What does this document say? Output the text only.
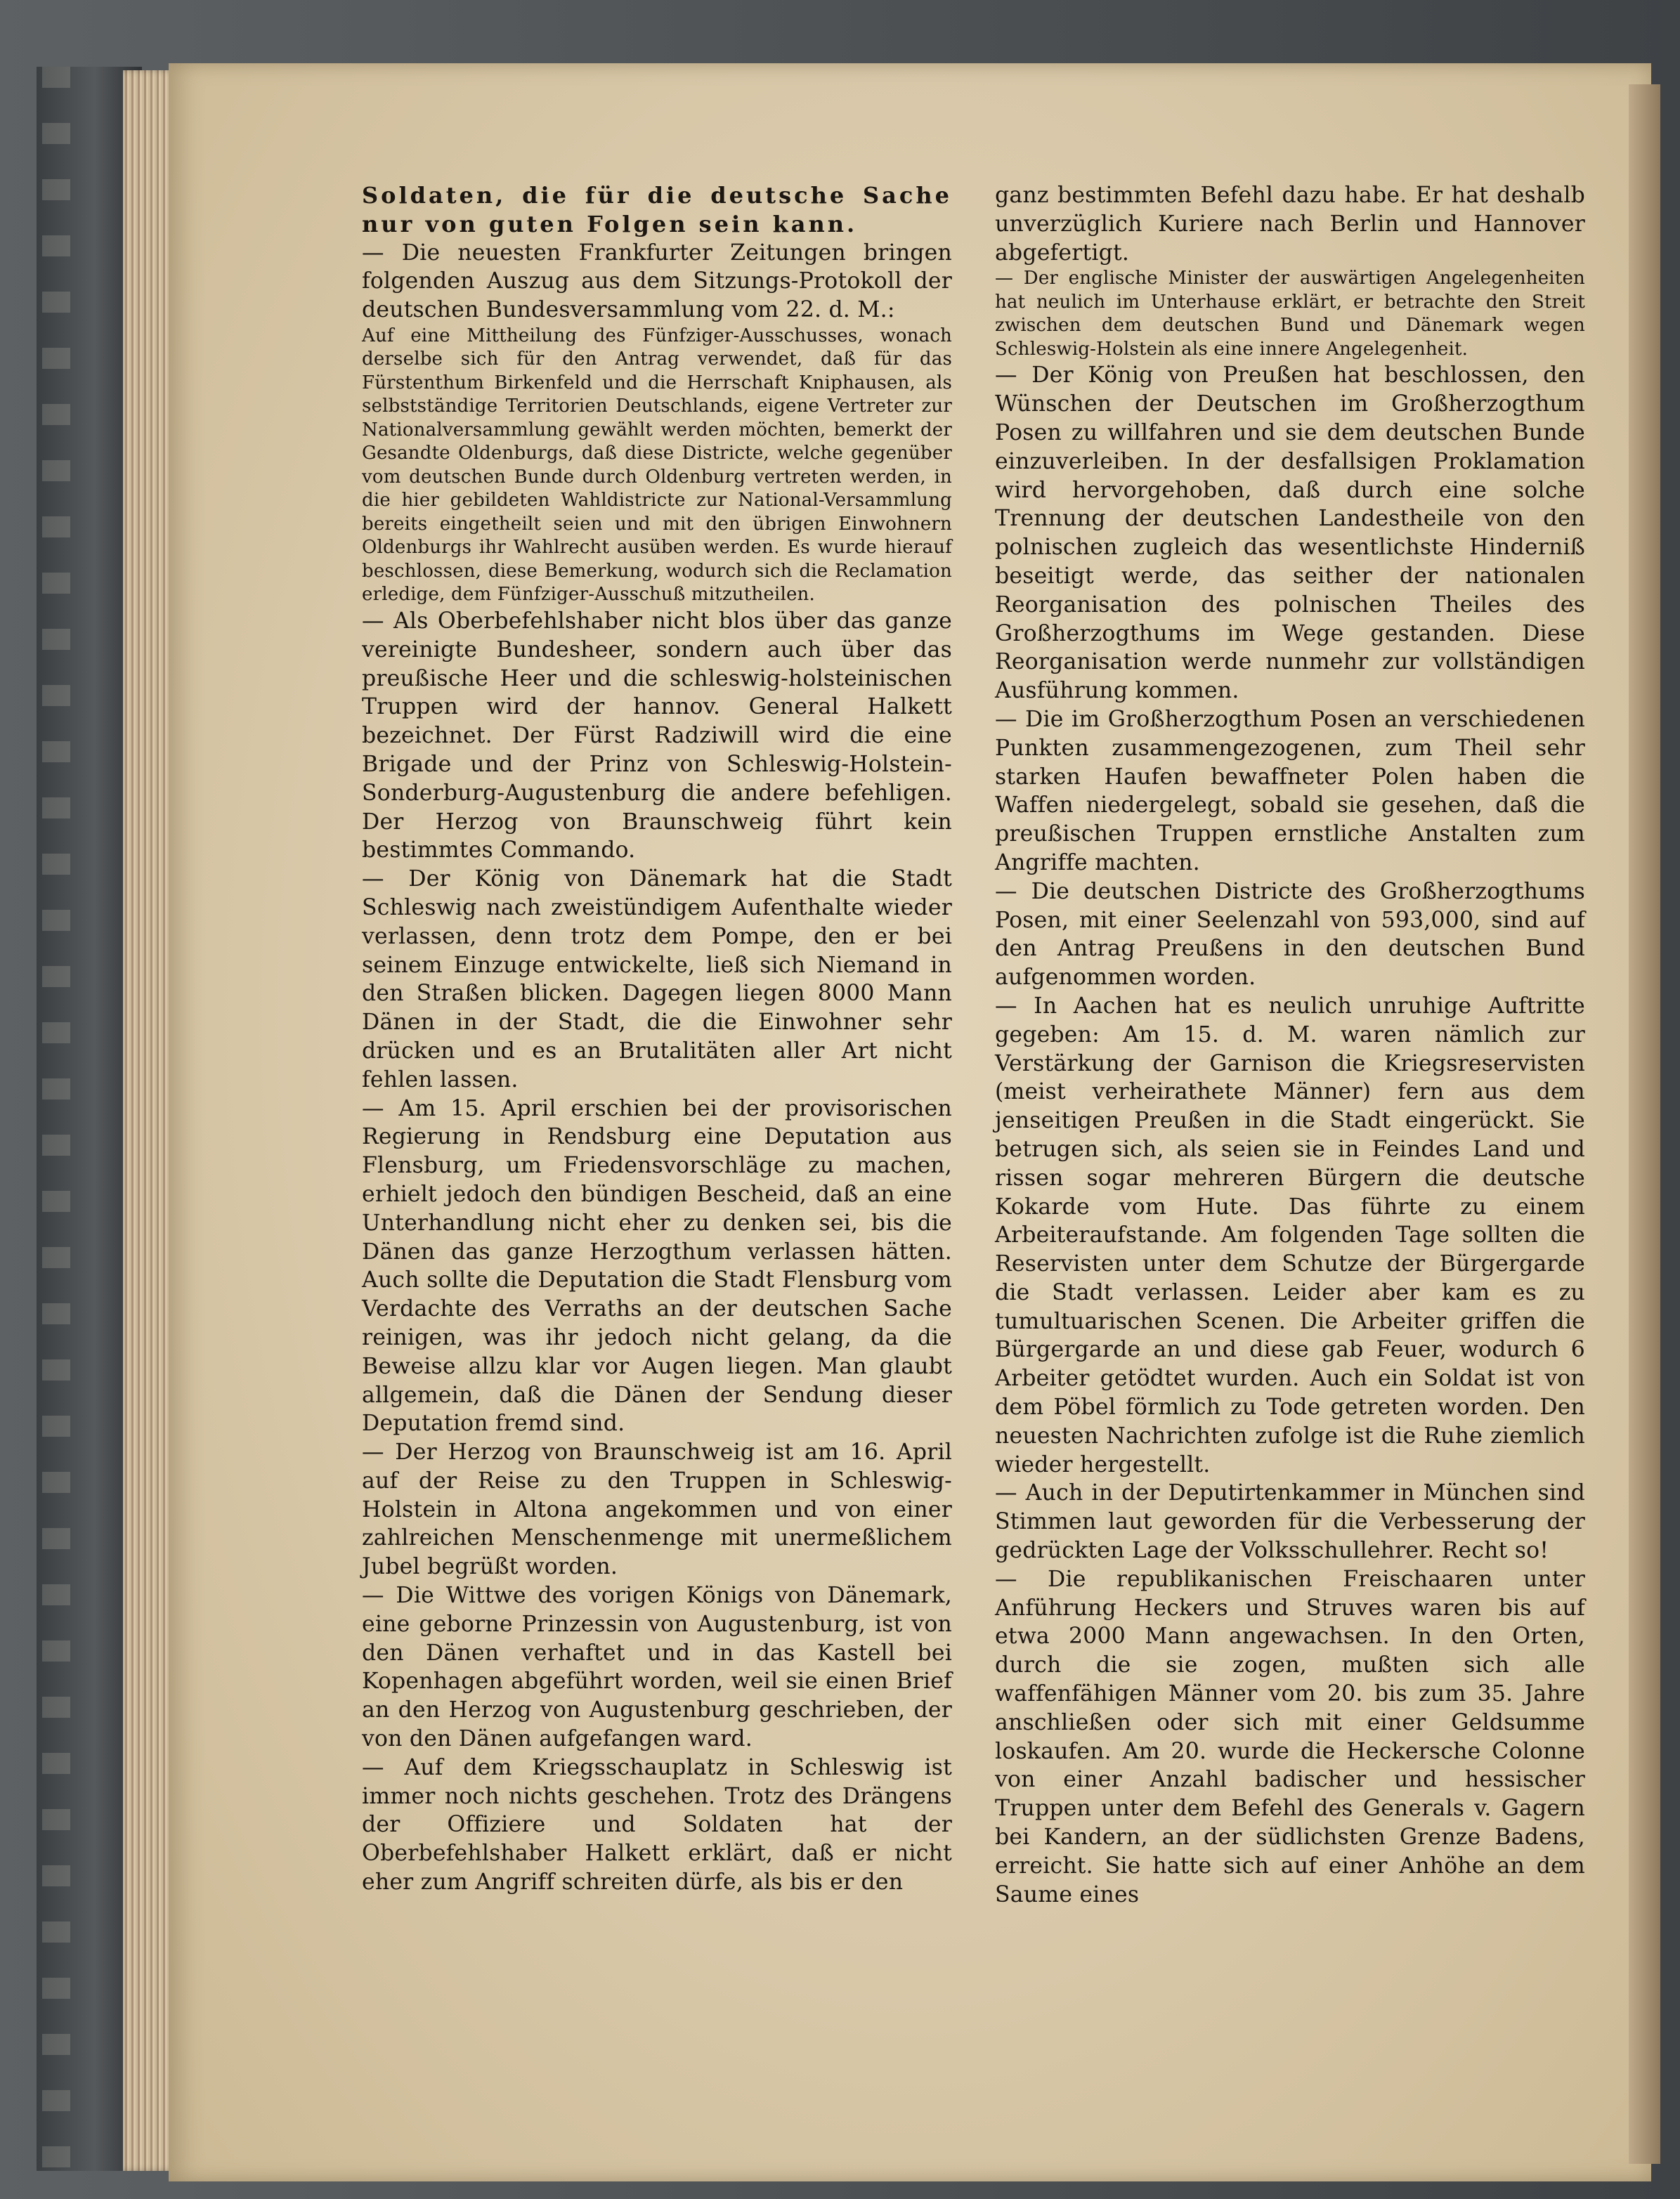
Soldaten, die für die deutsche Sache nur von guten Folgen sein kann.

— Die neuesten Frankfurter Zeitungen bringen folgenden Auszug aus dem Sitzungs-Protokoll der deutschen Bundesversammlung vom 22. d. M.:

Auf eine Mittheilung des Fünfziger-Ausschusses, wonach derselbe sich für den Antrag verwendet, daß für das Fürstenthum Birkenfeld und die Herrschaft Kniphausen, als selbstständige Territorien Deutschlands, eigene Vertreter zur Nationalversammlung gewählt werden möchten, bemerkt der Gesandte Oldenburgs, daß diese Districte, welche gegenüber vom deutschen Bunde durch Oldenburg vertreten werden, in die hier gebildeten Wahldistricte zur National-Versammlung bereits eingetheilt seien und mit den übrigen Einwohnern Oldenburgs ihr Wahlrecht ausüben werden. Es wurde hierauf beschlossen, diese Bemerkung, wodurch sich die Reclamation erledige, dem Fünfziger-Ausschuß mitzutheilen.

— Als Oberbefehlshaber nicht blos über das ganze vereinigte Bundesheer, sondern auch über das preußische Heer und die schleswig-holsteinischen Truppen wird der hannov. General Halkett bezeichnet. Der Fürst Radziwill wird die eine Brigade und der Prinz von Schleswig-Holstein-Sonderburg-Augustenburg die andere befehligen. Der Herzog von Braunschweig führt kein bestimmtes Commando.

— Der König von Dänemark hat die Stadt Schleswig nach zweistündigem Aufenthalte wieder verlassen, denn trotz dem Pompe, den er bei seinem Einzuge entwickelte, ließ sich Niemand in den Straßen blicken. Dagegen liegen 8000 Mann Dänen in der Stadt, die die Einwohner sehr drücken und es an Brutalitäten aller Art nicht fehlen lassen.

— Am 15. April erschien bei der provisorischen Regierung in Rendsburg eine Deputation aus Flensburg, um Friedensvorschläge zu machen, erhielt jedoch den bündigen Bescheid, daß an eine Unterhandlung nicht eher zu denken sei, bis die Dänen das ganze Herzogthum verlassen hätten. Auch sollte die Deputation die Stadt Flensburg vom Verdachte des Verraths an der deutschen Sache reinigen, was ihr jedoch nicht gelang, da die Beweise allzu klar vor Augen liegen. Man glaubt allgemein, daß die Dänen der Sendung dieser Deputation fremd sind.

— Der Herzog von Braunschweig ist am 16. April auf der Reise zu den Truppen in Schleswig-Holstein in Altona angekommen und von einer zahlreichen Menschenmenge mit unermeßlichem Jubel begrüßt worden.

— Die Wittwe des vorigen Königs von Dänemark, eine geborne Prinzessin von Augustenburg, ist von den Dänen verhaftet und in das Kastell bei Kopenhagen abgeführt worden, weil sie einen Brief an den Herzog von Augustenburg geschrieben, der von den Dänen aufgefangen ward.

— Auf dem Kriegsschauplatz in Schleswig ist immer noch nichts geschehen. Trotz des Drängens der Offiziere und Soldaten hat der Oberbefehlshaber Halkett erklärt, daß er nicht eher zum Angriff schreiten dürfe, als bis er den

ganz bestimmten Befehl dazu habe. Er hat deshalb unverzüglich Kuriere nach Berlin und Hannover abgefertigt.

— Der englische Minister der auswärtigen Angelegenheiten hat neulich im Unterhause erklärt, er betrachte den Streit zwischen dem deutschen Bund und Dänemark wegen Schleswig-Holstein als eine innere Angelegenheit.

— Der König von Preußen hat beschlossen, den Wünschen der Deutschen im Großherzogthum Posen zu willfahren und sie dem deutschen Bunde einzuverleiben. In der desfallsigen Proklamation wird hervorgehoben, daß durch eine solche Trennung der deutschen Landestheile von den polnischen zugleich das wesentlichste Hinderniß beseitigt werde, das seither der nationalen Reorganisation des polnischen Theiles des Großherzogthums im Wege gestanden. Diese Reorganisation werde nunmehr zur vollständigen Ausführung kommen.

— Die im Großherzogthum Posen an verschiedenen Punkten zusammengezogenen, zum Theil sehr starken Haufen bewaffneter Polen haben die Waffen niedergelegt, sobald sie gesehen, daß die preußischen Truppen ernstliche Anstalten zum Angriffe machten.

— Die deutschen Districte des Großherzogthums Posen, mit einer Seelenzahl von 593,000, sind auf den Antrag Preußens in den deutschen Bund aufgenommen worden.

— In Aachen hat es neulich unruhige Auftritte gegeben: Am 15. d. M. waren nämlich zur Verstärkung der Garnison die Kriegsreservisten (meist verheirathete Männer) fern aus dem jenseitigen Preußen in die Stadt eingerückt. Sie betrugen sich, als seien sie in Feindes Land und rissen sogar mehreren Bürgern die deutsche Kokarde vom Hute. Das führte zu einem Arbeiteraufstande. Am folgenden Tage sollten die Reservisten unter dem Schutze der Bürgergarde die Stadt verlassen. Leider aber kam es zu tumultuarischen Scenen. Die Arbeiter griffen die Bürgergarde an und diese gab Feuer, wodurch 6 Arbeiter getödtet wurden. Auch ein Soldat ist von dem Pöbel förmlich zu Tode getreten worden. Den neuesten Nachrichten zufolge ist die Ruhe ziemlich wieder hergestellt.

— Auch in der Deputirtenkammer in München sind Stimmen laut geworden für die Verbesserung der gedrückten Lage der Volksschullehrer. Recht so!

— Die republikanischen Freischaaren unter Anführung Heckers und Struves waren bis auf etwa 2000 Mann angewachsen. In den Orten, durch die sie zogen, mußten sich alle waffenfähigen Männer vom 20. bis zum 35. Jahre anschließen oder sich mit einer Geldsumme loskaufen. Am 20. wurde die Heckersche Colonne von einer Anzahl badischer und hessischer Truppen unter dem Befehl des Generals v. Gagern bei Kandern, an der südlichsten Grenze Badens, erreicht. Sie hatte sich auf einer Anhöhe an dem Saume eines
